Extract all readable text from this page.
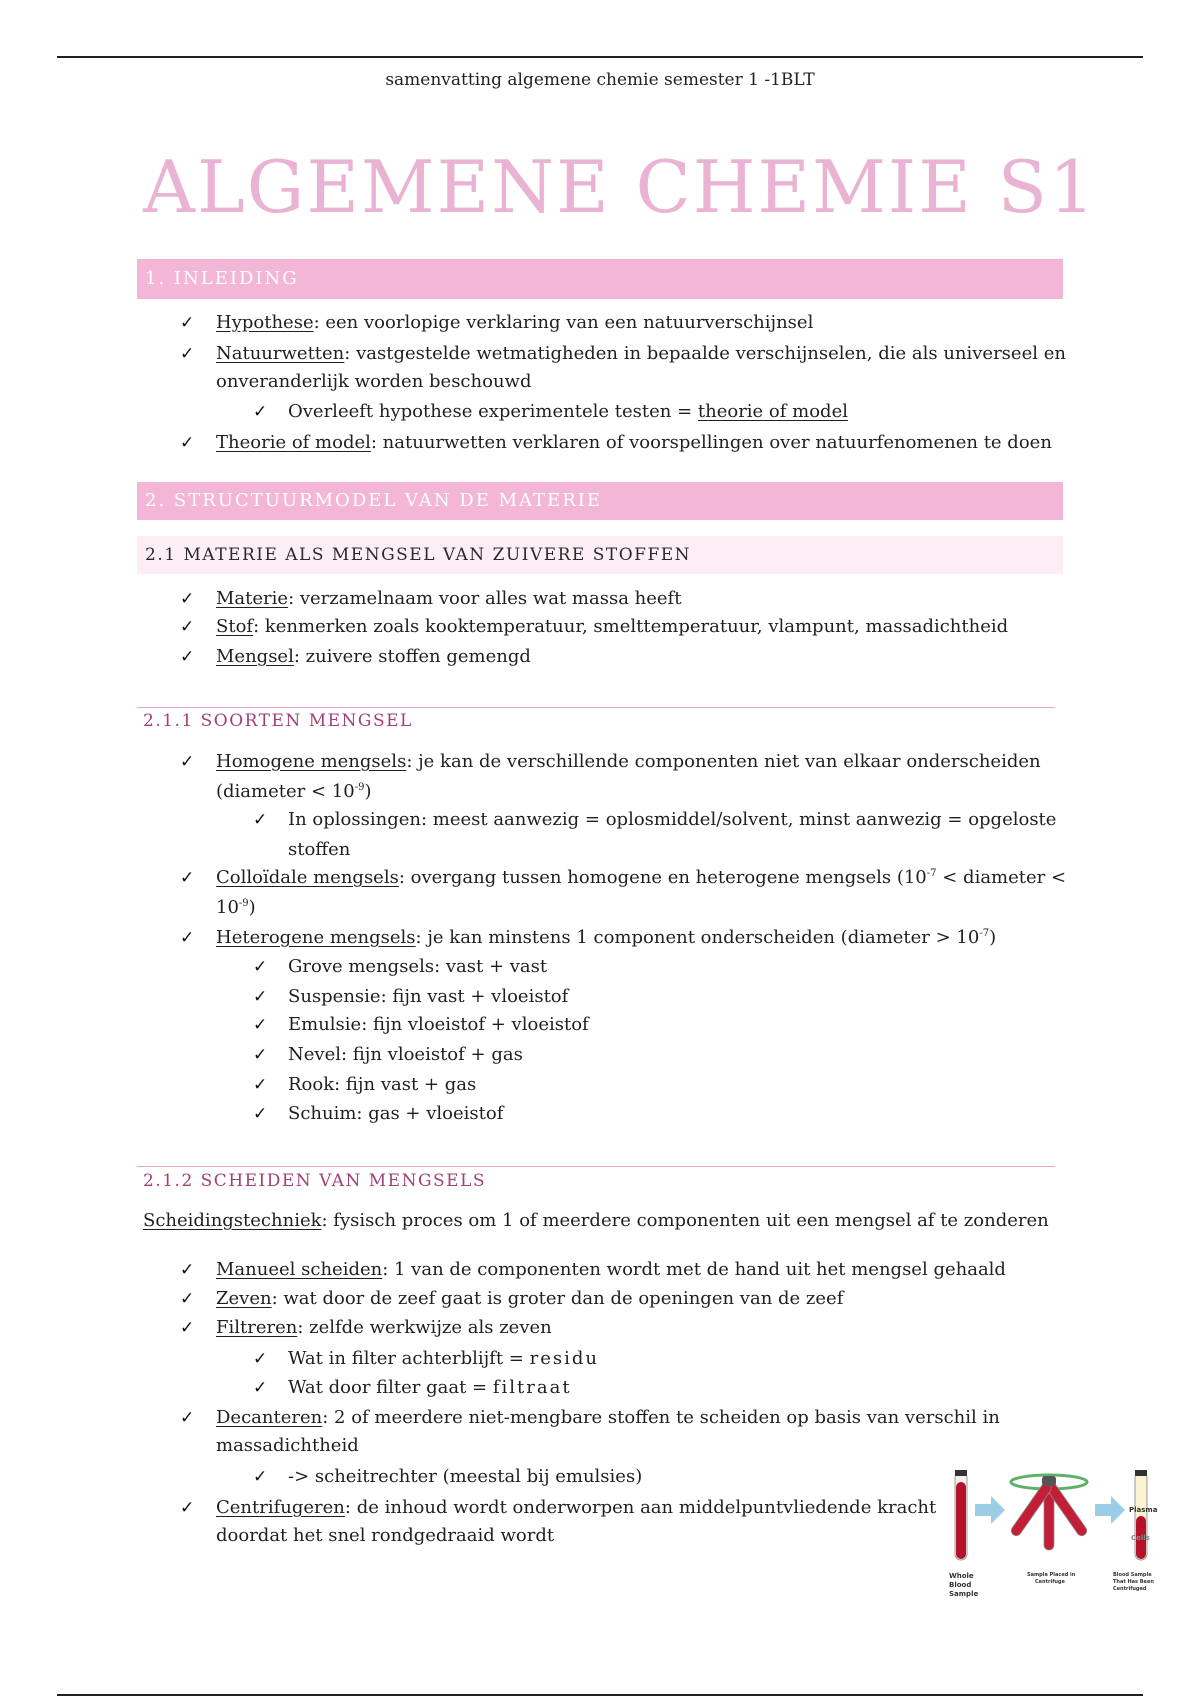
samenvatting algemene chemie semester 1 -1BLT
ALGEMENE CHEMIE S1
1. INLEIDING
✓ Hypothese: een voorlopige verklaring van een natuurverschijnsel
✓ Natuurwetten: vastgestelde wetmatigheden in bepaalde verschijnselen, die als universeel en
onveranderlijk worden beschouwd
✓ Overleeft hypothese experimentele testen = theorie of model
✓ Theorie of model: natuurwetten verklaren of voorspellingen over natuurfenomenen te doen
2. STRUCTUURMODEL VAN DE MATERIE
2.1 MATERIE ALS MENGSEL VAN ZUIVERE STOFFEN
✓ Materie: verzamelnaam voor alles wat massa heeft
✓ Stof: kenmerken zoals kooktemperatuur, smelttemperatuur, vlampunt, massadichtheid
✓ Mengsel: zuivere stoffen gemengd
2.1.1 SOORTEN MENGSEL
✓ Homogene mengsels: je kan de verschillende componenten niet van elkaar onderscheiden
(diameter < $10^{-9}$)
✓ In oplossingen: meest aanwezig = oplosmiddel/solvent, minst aanwezig = opgeloste
stoffen
✓ Colloïdale mengsels: overgang tussen homogene en heterogene mengsels ($10^{-7}$ < diameter <
$10^{-9}$)
✓ Heterogene mengsels: je kan minstens 1 component onderscheiden (diameter > $10^{-7}$)
✓ Grove mengsels: vast + vast
✓ Suspensie: fijn vast + vloeistof
✓ Emulsie: fijn vloeistof + vloeistof
✓ Nevel: fijn vloeistof + gas
✓ Rook: fijn vast + gas
✓ Schuim: gas + vloeistof
2.1.2 SCHEIDEN VAN MENGSELS
Scheidingstechniek: fysisch proces om 1 of meerdere componenten uit een mengsel af te zonderen
✓ Manueel scheiden: 1 van de componenten wordt met de hand uit het mengsel gehaald
✓ Zeven: wat door de zeef gaat is groter dan de openingen van de zeef
✓ Filtreren: zelfde werkwijze als zeven
✓ Wat in filter achterblijft = residu
✓ Wat door filter gaat = filtraat
✓ Decanteren: 2 of meerdere niet-mengbare stoffen te scheiden op basis van verschil in
massadichtheid
✓ -> scheitrechter (meestal bij emulsies)
✓ Centrifugeren: de inhoud wordt onderworpen aan middelpuntvliedende kracht
doordat het snel rondgedraaid wordt
Plasma
Cells
Whole
Blood
Sample
Sample Placed in
Centrifuge
Blood Sample
That Has Been
Centrifuged
